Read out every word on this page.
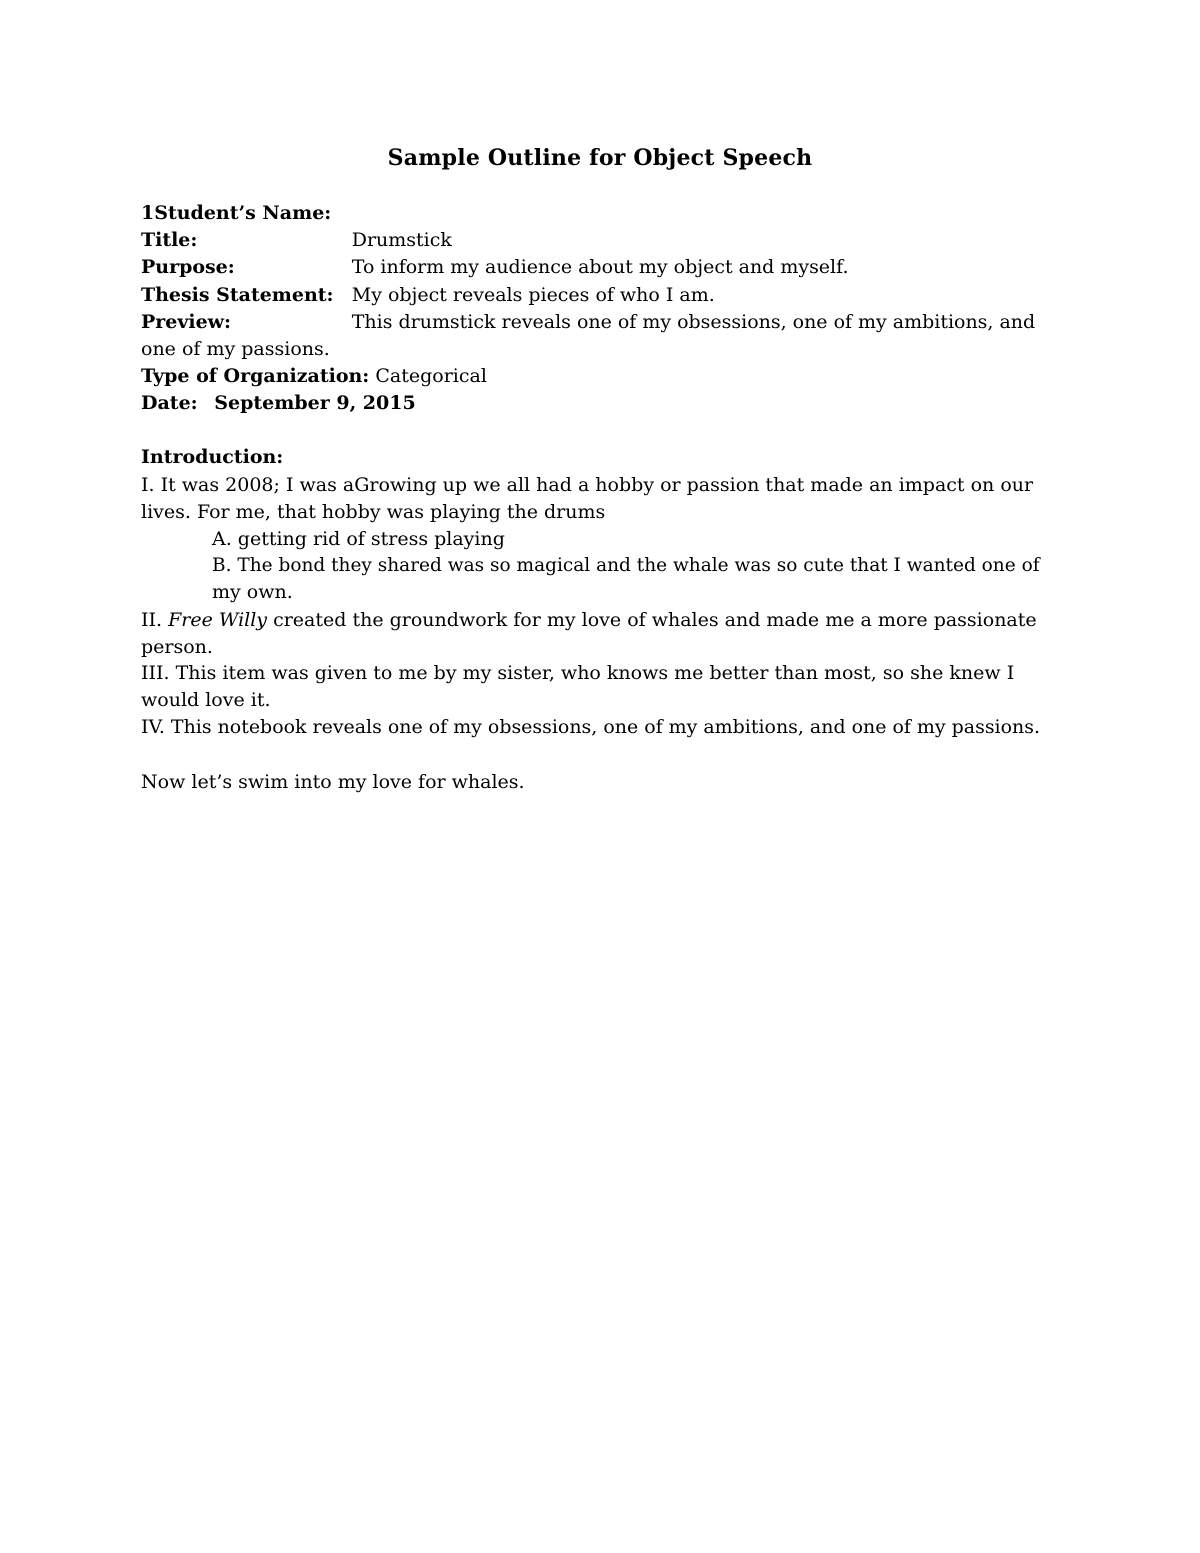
Sample Outline for Object Speech
1Student’s Name:
Title:	Drumstick
Purpose:	To inform my audience about my object and myself.
Thesis Statement: My object reveals pieces of who I am.
Preview:	This drumstick reveals one of my obsessions, one of my ambitions, and
one of my passions.
Type of Organization: Categorical
Date: September 9, 2015
Introduction:
I. It was 2008; I was aGrowing up we all had a hobby or passion that made an impact on our
lives. For me, that hobby was playing the drums
A. getting rid of stress playing
B. The bond they shared was so magical and the whale was so cute that I wanted one of
my own.
II. Free Willy created the groundwork for my love of whales and made me a more passionate
person.
III. This item was given to me by my sister, who knows me better than most, so she knew I
would love it.
IV. This notebook reveals one of my obsessions, one of my ambitions, and one of my passions.
Now let’s swim into my love for whales.
